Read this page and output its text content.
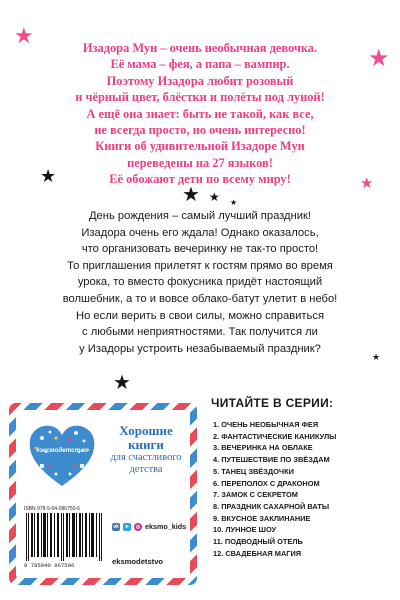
★
★
★	★
★ ★ ★
★
★
Изадора Мун – очень необычная девочка.
Её мама – фея, а папа – вампир.
Поэтому Изадора любит розовый
и чёрный цвет, блёстки и полёты под луной!
А ещё она знает: быть не такой, как все,
не всегда просто, но очень интересно!
Книги об удивительной Изадоре Мун
переведены на 27 языков!
Её обожают дети по всему миру!
День рождения – самый лучший праздник!
Изадора очень его ждала! Однако оказалось,
что организовать вечеринку не так-то просто!
То приглашения прилетят к гостям прямо во время
урока, то вместо фокусника придёт настоящий
волшебник, а то и вовсе облако-батут улетит в небо!
Но если верить в свои силы, можно справиться
с любыми неприятностями. Так получится ли
у Изадоры устроить незабываемый праздник?
ЧИТАЙТЕ В СЕРИИ:
1. ОЧЕНЬ НЕОБЫЧНАЯ ФЕЯ
2. ФАНТАСТИЧЕСКИЕ КАНИКУЛЫ
3. ВЕЧЕРИНКА НА ОБЛАКЕ
4. ПУТЕШЕСТВИЕ ПО ЗВЁЗДАМ
5. ТАНЕЦ ЗВЁЗДОЧКИ
6. ПЕРЕПОЛОХ С ДРАКОНОМ
7. ЗАМОК С СЕКРЕТОМ
8. ПРАЗДНИК САХАРНОЙ ВАТЫ
9. ВКУСНОЕ ЗАКЛИНАНИЕ
10. ЛУННОЕ ШОУ
11. ПОДВОДНЫЙ ОТЕЛЬ
12. СВАДЕБНАЯ МАГИЯ
#эксмодетство
Хорошие
книги
для счастливого
детства
ISBN 978-5-04-096750-6
9 785040 967506
vk	➤	◎ eksmo_kids
eksmodetstvo
